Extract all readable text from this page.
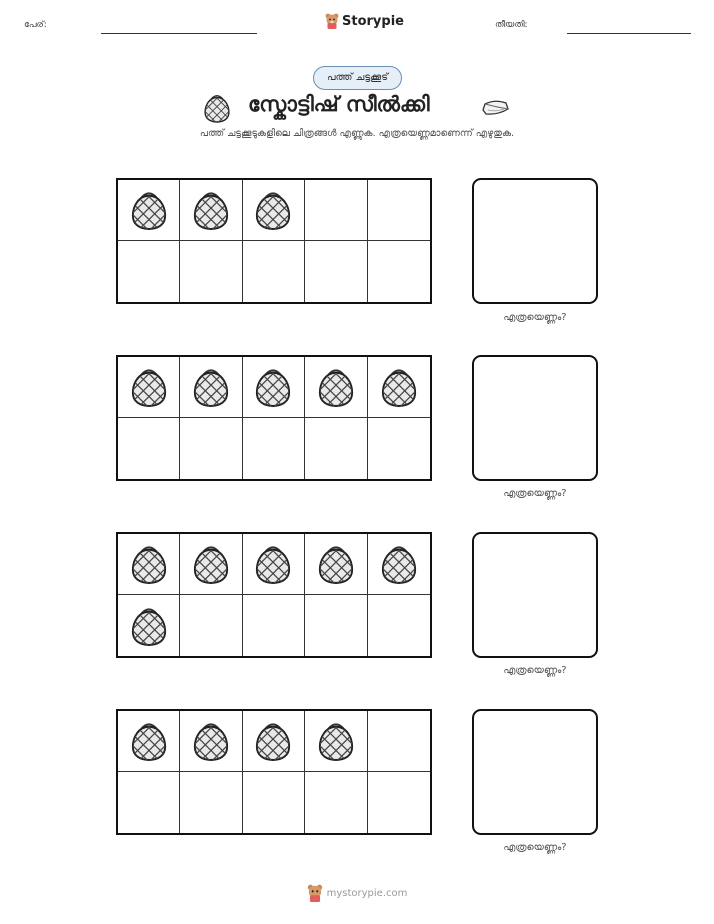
പേര്:	Storypie	തീയതി:
പത്ത് ചട്ടക്കൂട്
സ്കോട്ടിഷ് സീൽക്കി
പത്ത് ചട്ടക്കൂടുകളിലെ ചിത്രങ്ങൾ എണ്ണുക. എത്രയെണ്ണമാണെന്ന് എഴുതുക.
എത്രയെണ്ണം?
എത്രയെണ്ണം?
എത്രയെണ്ണം?
എത്രയെണ്ണം?
mystorypie.com
